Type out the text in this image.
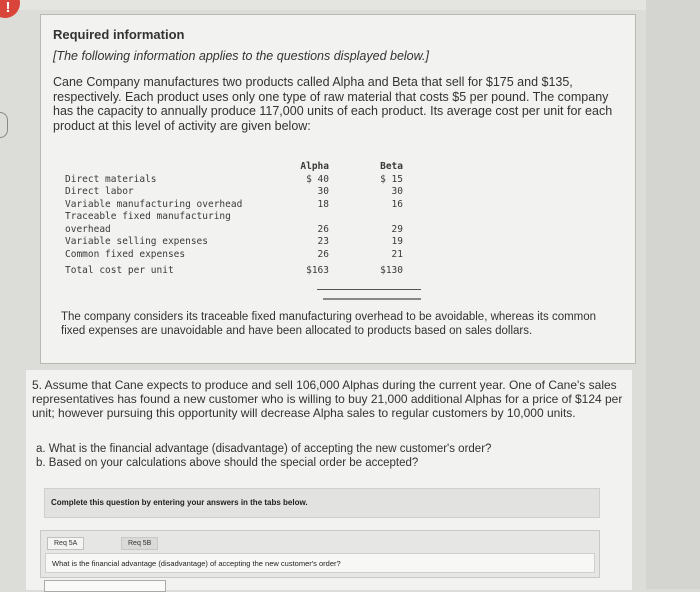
!
Required information
[The following information applies to the questions displayed below.]
Cane Company manufactures two products called Alpha and Beta that sell for $175 and $135, respectively. Each product uses only one type of raw material that costs $5 per pound. The company has the capacity to annually produce 117,000 units of each product. Its average cost per unit for each product at this level of activity are given below:
Alpha	Beta
Direct materials	$ 40	$ 15
Direct labor	30	30
Variable manufacturing overhead	18	16
Traceable fixed manufacturing
overhead	26	29
Variable selling expenses	23	19
Common fixed expenses	26	21
Total cost per unit	$163	$130
The company considers its traceable fixed manufacturing overhead to be avoidable, whereas its common fixed expenses are unavoidable and have been allocated to products based on sales dollars.
5. Assume that Cane expects to produce and sell 106,000 Alphas during the current year. One of Cane's sales representatives has found a new customer who is willing to buy 21,000 additional Alphas for a price of $124 per unit; however pursuing this opportunity will decrease Alpha sales to regular customers by 10,000 units.
a. What is the financial advantage (disadvantage) of accepting the new customer's order?
b. Based on your calculations above should the special order be accepted?
Complete this question by entering your answers in the tabs below.
Req 5A	Req 5B
What is the financial advantage (disadvantage) of accepting the new customer's order?
